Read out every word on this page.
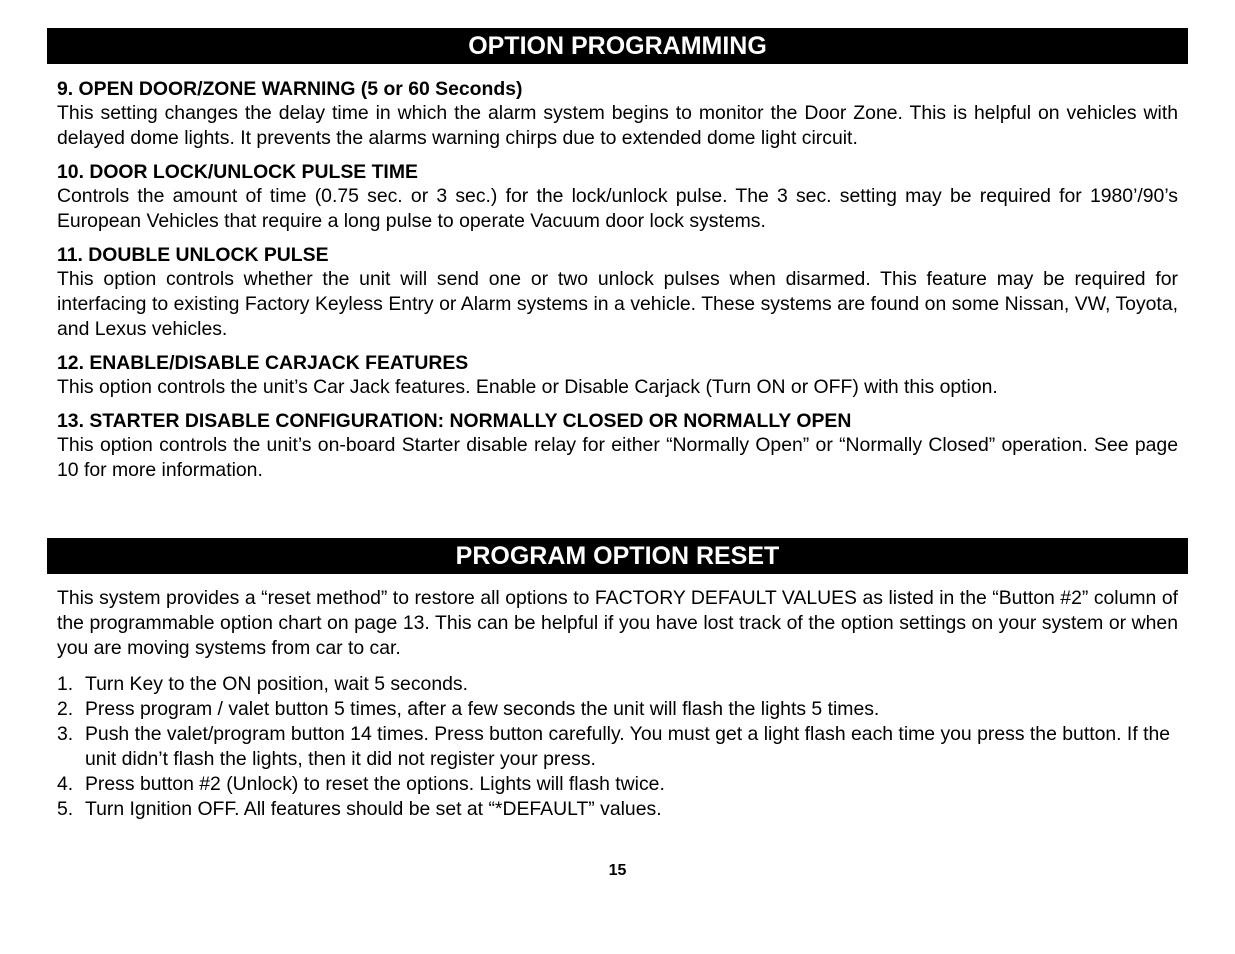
OPTION PROGRAMMING
9. OPEN DOOR/ZONE WARNING (5 or 60 Seconds)

This setting changes the delay time in which the alarm system begins to monitor the Door Zone. This is helpful on vehicles with delayed dome lights. It prevents the alarms warning chirps due to extended dome light circuit.

10. DOOR LOCK/UNLOCK PULSE TIME

Controls the amount of time (0.75 sec. or 3 sec.) for the lock/unlock pulse. The 3 sec. setting may be required for 1980’/90’s European Vehicles that require a long pulse to operate Vacuum door lock systems.

11. DOUBLE UNLOCK PULSE

This option controls whether the unit will send one or two unlock pulses when disarmed. This feature may be required for interfacing to existing Factory Keyless Entry or Alarm systems in a vehicle. These systems are found on some Nissan, VW, Toyota, and Lexus vehicles.

12. ENABLE/DISABLE CARJACK FEATURES

This option controls the unit’s Car Jack features. Enable or Disable Carjack (Turn ON or OFF) with this option.

13. STARTER DISABLE CONFIGURATION: NORMALLY CLOSED OR NORMALLY OPEN

This option controls the unit’s on-board Starter disable relay for either “Normally Open” or “Normally Closed” operation. See page 10 for more information.

PROGRAM OPTION RESET

This system provides a “reset method” to restore all options to FACTORY DEFAULT VALUES as listed in the “Button #2” column of the programmable option chart on page 13. This can be helpful if you have lost track of the option settings on your system or when you are moving systems from car to car.

1. Turn Key to the ON position, wait 5 seconds.
2. Press program / valet button 5 times, after a few seconds the unit will flash the lights 5 times.
3. Push the valet/program button 14 times. Press button carefully. You must get a light flash each time you press the button. If the unit didn’t flash the lights, then it did not register your press.
4. Press button #2 (Unlock) to reset the options. Lights will flash twice.
5. Turn Ignition OFF. All features should be set at “*DEFAULT” values.
15
